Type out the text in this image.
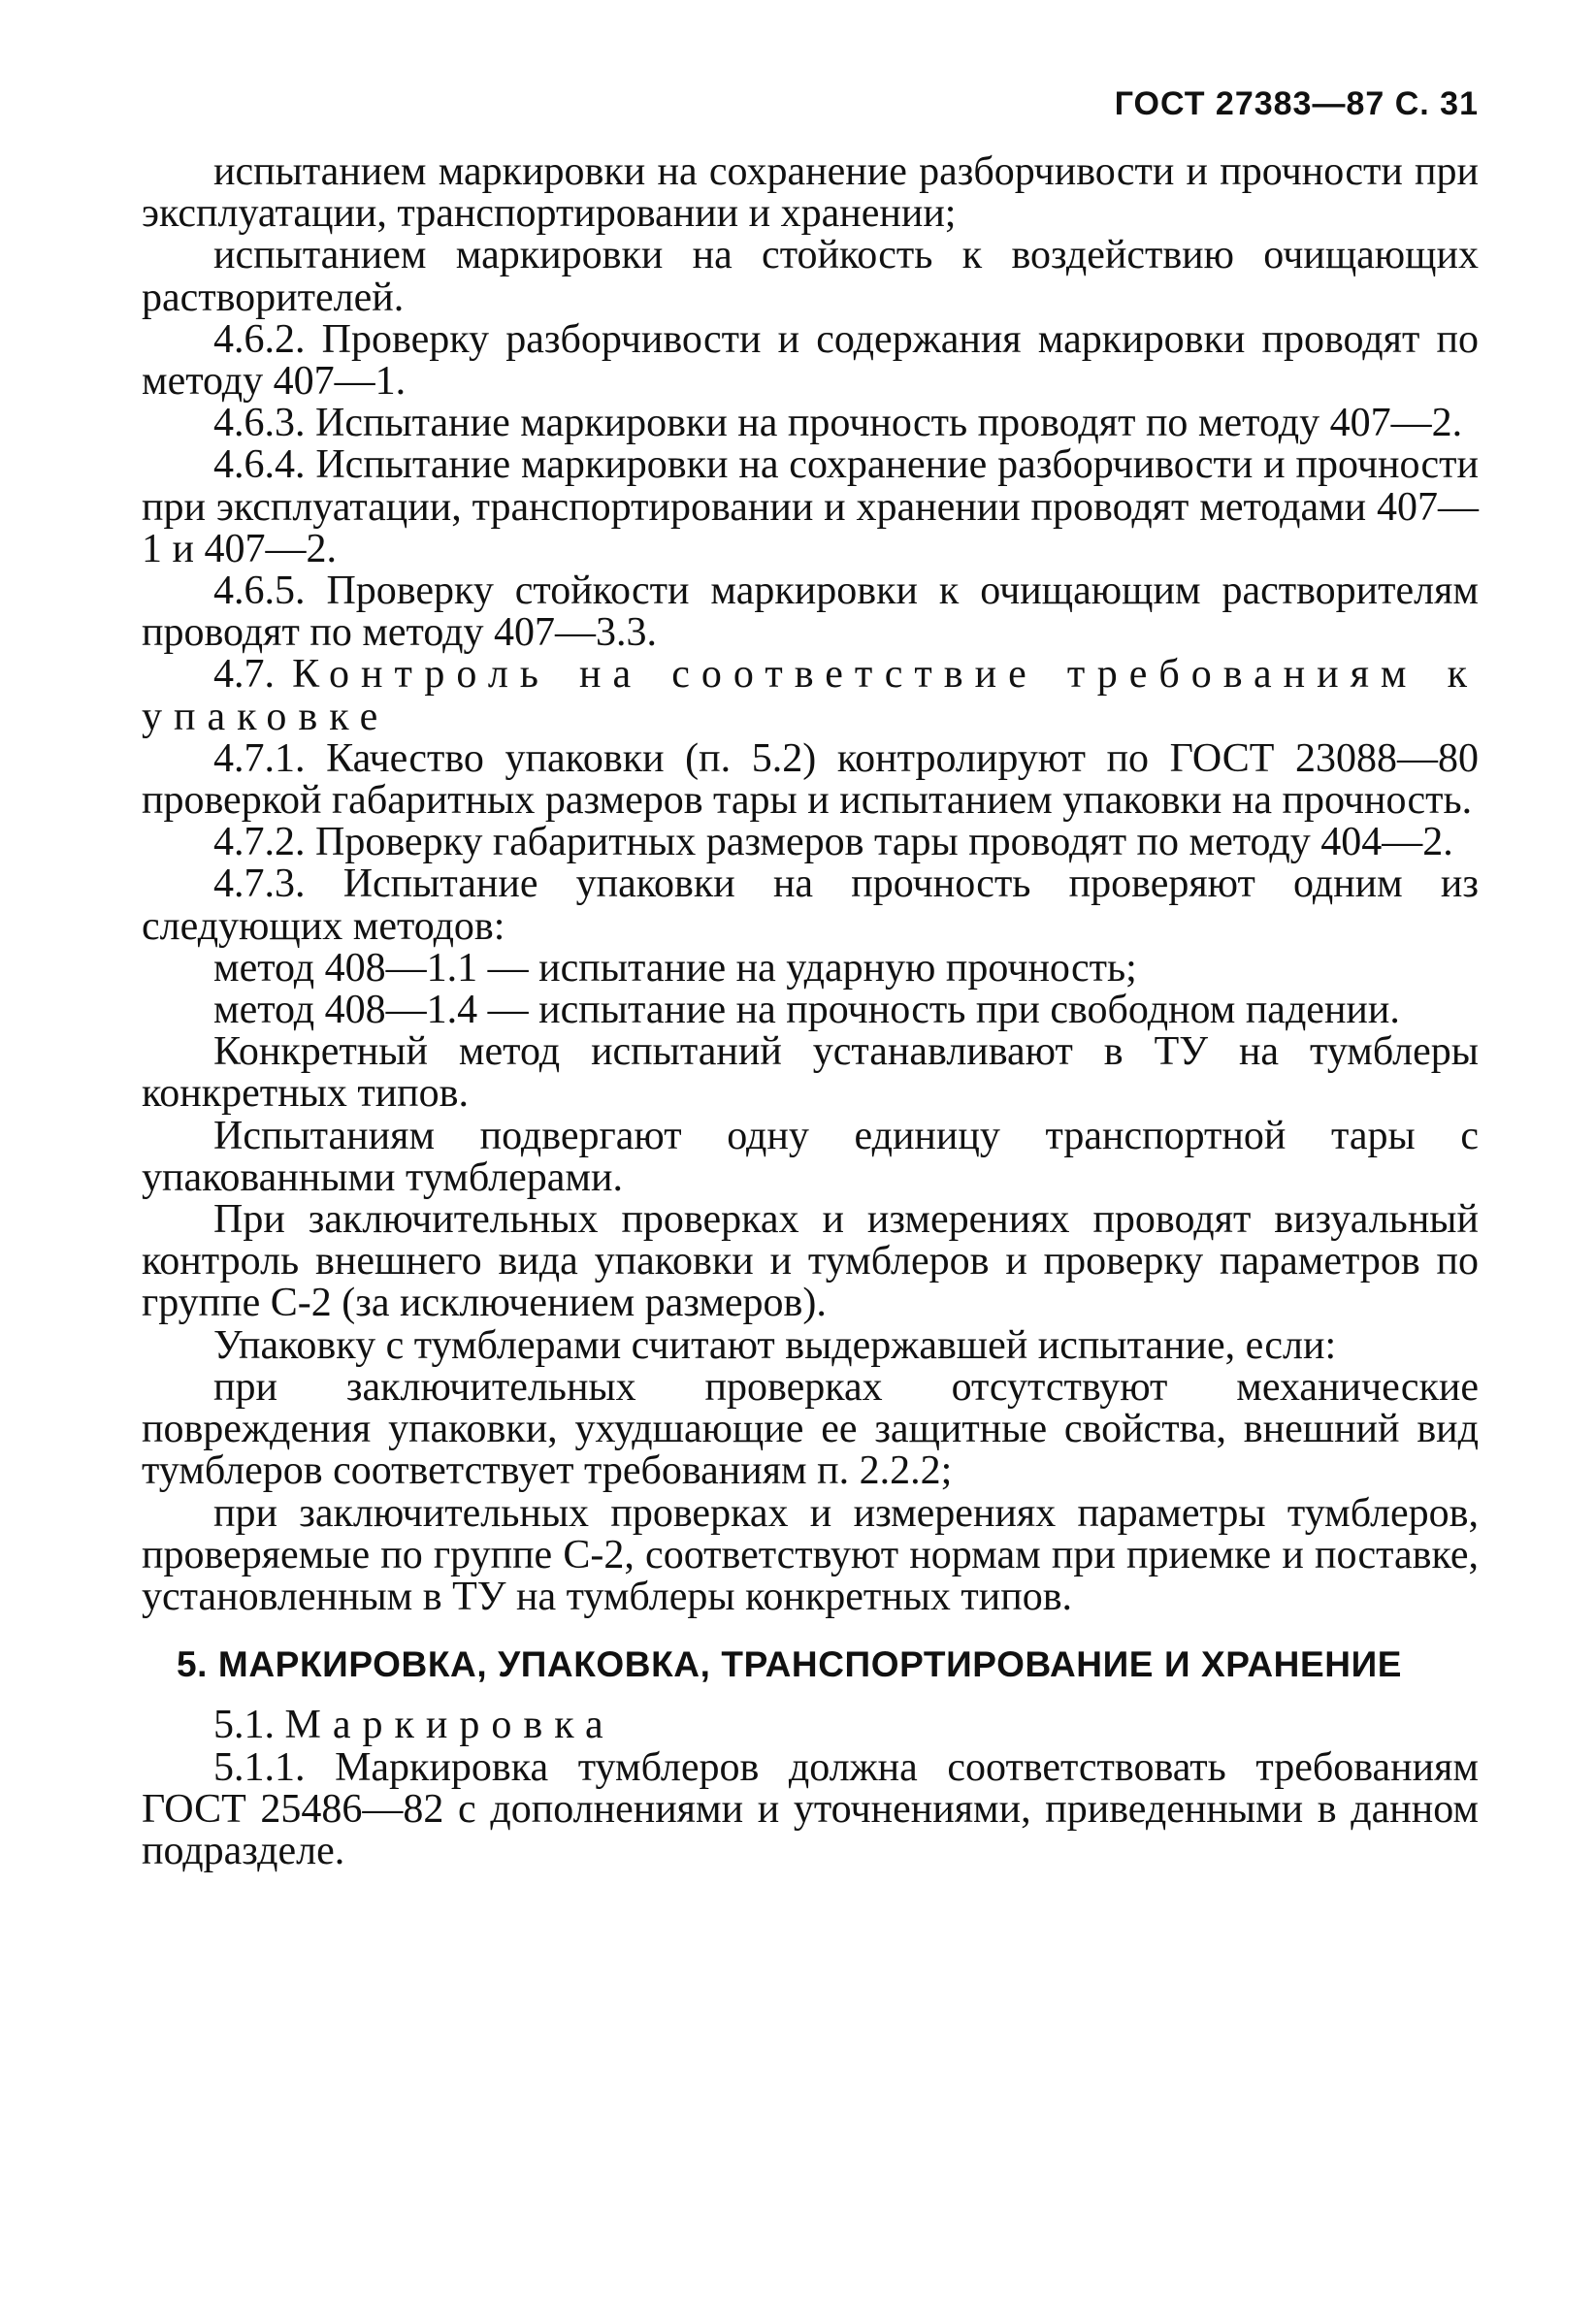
ГОСТ 27383—87 С. 31

испытанием маркировки на сохранение разборчивости и прочности при эксплуатации, транспортировании и хранении;

испытанием маркировки на стойкость к воздействию очищающих растворителей.

4.6.2. Проверку разборчивости и содержания маркировки проводят по методу 407—1.

4.6.3. Испытание маркировки на прочность проводят по методу 407—2.

4.6.4. Испытание маркировки на сохранение разборчивости и прочности при эксплуатации, транспортировании и хранении проводят методами 407—1 и 407—2.

4.6.5. Проверку стойкости маркировки к очищающим растворителям проводят по методу 407—3.3.

4.7. Контроль на соответствие требованиям к упаковке

4.7.1. Качество упаковки (п. 5.2) контролируют по ГОСТ 23088—80 проверкой габаритных размеров тары и испытанием упаковки на прочность.

4.7.2. Проверку габаритных размеров тары проводят по методу 404—2.

4.7.3. Испытание упаковки на прочность проверяют одним из следующих методов:

метод 408—1.1 — испытание на ударную прочность;

метод 408—1.4 — испытание на прочность при свободном падении.

Конкретный метод испытаний устанавливают в ТУ на тумблеры конкретных типов.

Испытаниям подвергают одну единицу транспортной тары с упакованными тумблерами.

При заключительных проверках и измерениях проводят визуальный контроль внешнего вида упаковки и тумблеров и проверку параметров по группе С-2 (за исключением размеров).

Упаковку с тумблерами считают выдержавшей испытание, если:

при заключительных проверках отсутствуют механические повреждения упаковки, ухудшающие ее защитные свойства, внешний вид тумблеров соответствует требованиям п. 2.2.2;

при заключительных проверках и измерениях параметры тумблеров, проверяемые по группе С-2, соответствуют нормам при приемке и поставке, установленным в ТУ на тумблеры конкретных типов.

5. МАРКИРОВКА, УПАКОВКА, ТРАНСПОРТИРОВАНИЕ И ХРАНЕНИЕ

5.1. Маркировка

5.1.1. Маркировка тумблеров должна соответствовать требованиям ГОСТ 25486—82 с дополнениями и уточнениями, приведенными в данном подразделе.
